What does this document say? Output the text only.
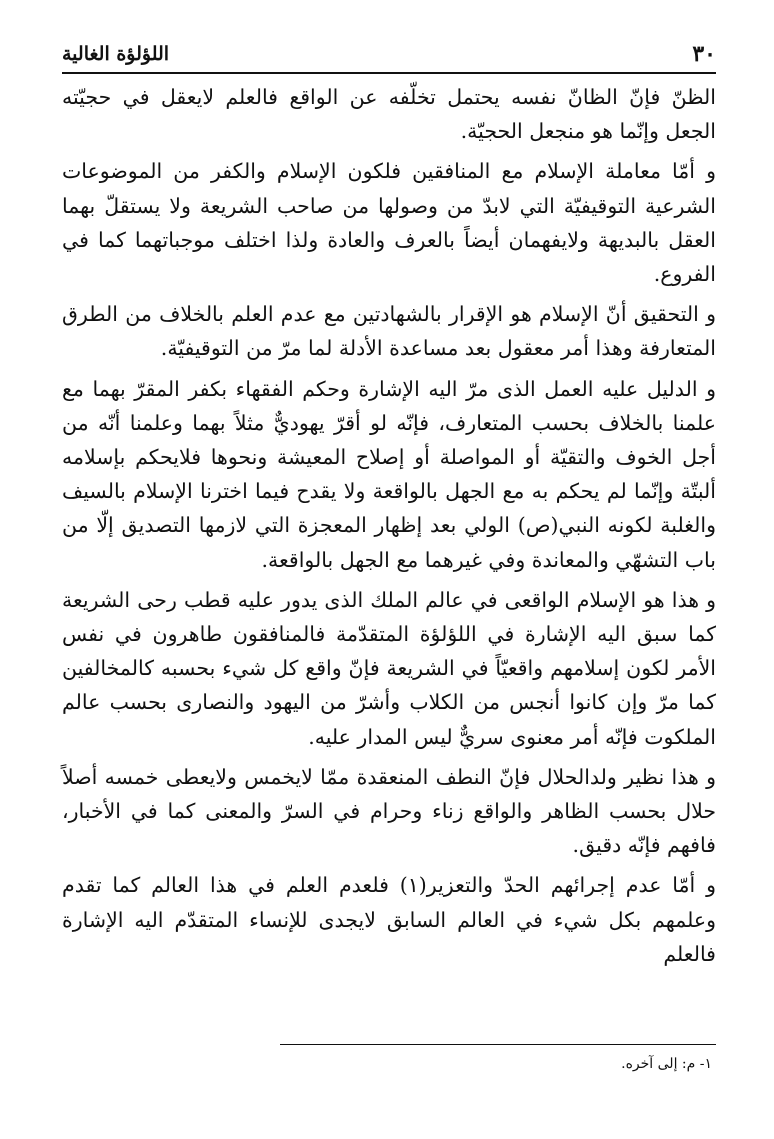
٣٠
اللؤلؤة الغالية

الظنّ فإنّ الظانّ نفسه يحتمل تخلّفه عن الواقع فالعلم لايعقل في حجيّته الجعل وإنّما هو منجعل الحجيّة.

و أمّا معاملة الإسلام مع المنافقين فلكون الإسلام والكفر من الموضوعات الشرعية التوقيفيّة التي لابدّ من وصولها من صاحب الشريعة ولا يستقلّ بهما العقل بالبديهة ولايفهمان أيضاً بالعرف والعادة ولذا اختلف موجباتهما كما في الفروع.

و التحقيق أنّ الإسلام هو الإقرار بالشهادتين مع عدم العلم بالخلاف من الطرق المتعارفة وهذا أمر معقول بعد مساعدة الأدلة لما مرّ من التوقيفيّة.

و الدليل عليه العمل الذى مرّ اليه الإشارة وحكم الفقهاء بكفر المقرّ بهما مع علمنا بالخلاف بحسب المتعارف، فإنّه لو أقرّ يهوديٌّ مثلاً بهما وعلمنا أنّه من أجل الخوف والتقيّة أو المواصلة أو إصلاح المعيشة ونحوها فلايحكم بإسلامه ألبتّة وإنّما لم يحكم به مع الجهل بالواقعة ولا يقدح فيما اخترنا الإسلام بالسيف والغلبة لكونه النبي(ص) الولي بعد إظهار المعجزة التي لازمها التصديق إلّا من باب التشهّي والمعاندة وفي غيرهما مع الجهل بالواقعة.

و هذا هو الإسلام الواقعى في عالم الملك الذى يدور عليه قطب رحى الشريعة كما سبق اليه الإشارة في اللؤلؤة المتقدّمة فالمنافقون طاهرون في نفس الأمر لكون إسلامهم واقعيّاً في الشريعة فإنّ واقع كل شيء بحسبه كالمخالفين كما مرّ وإن كانوا أنجس من الكلاب وأشرّ من اليهود والنصارى بحسب عالم الملكوت فإنّه أمر معنوى سريٌّ ليس المدار عليه.

و هذا نظير ولدالحلال فإنّ النطف المنعقدة ممّا لايخمس ولايعطى خمسه أصلاً حلال بحسب الظاهر والواقع زناء وحرام في السرّ والمعنى كما في الأخبار، فافهم فإنّه دقيق.

و أمّا عدم إجرائهم الحدّ والتعزير(١) فلعدم العلم في هذا العالم كما تقدم وعلمهم بكل شيء في العالم السابق لايجدى للإنساء المتقدّم اليه الإشارة فالعلم

١- م: إلى آخره.
